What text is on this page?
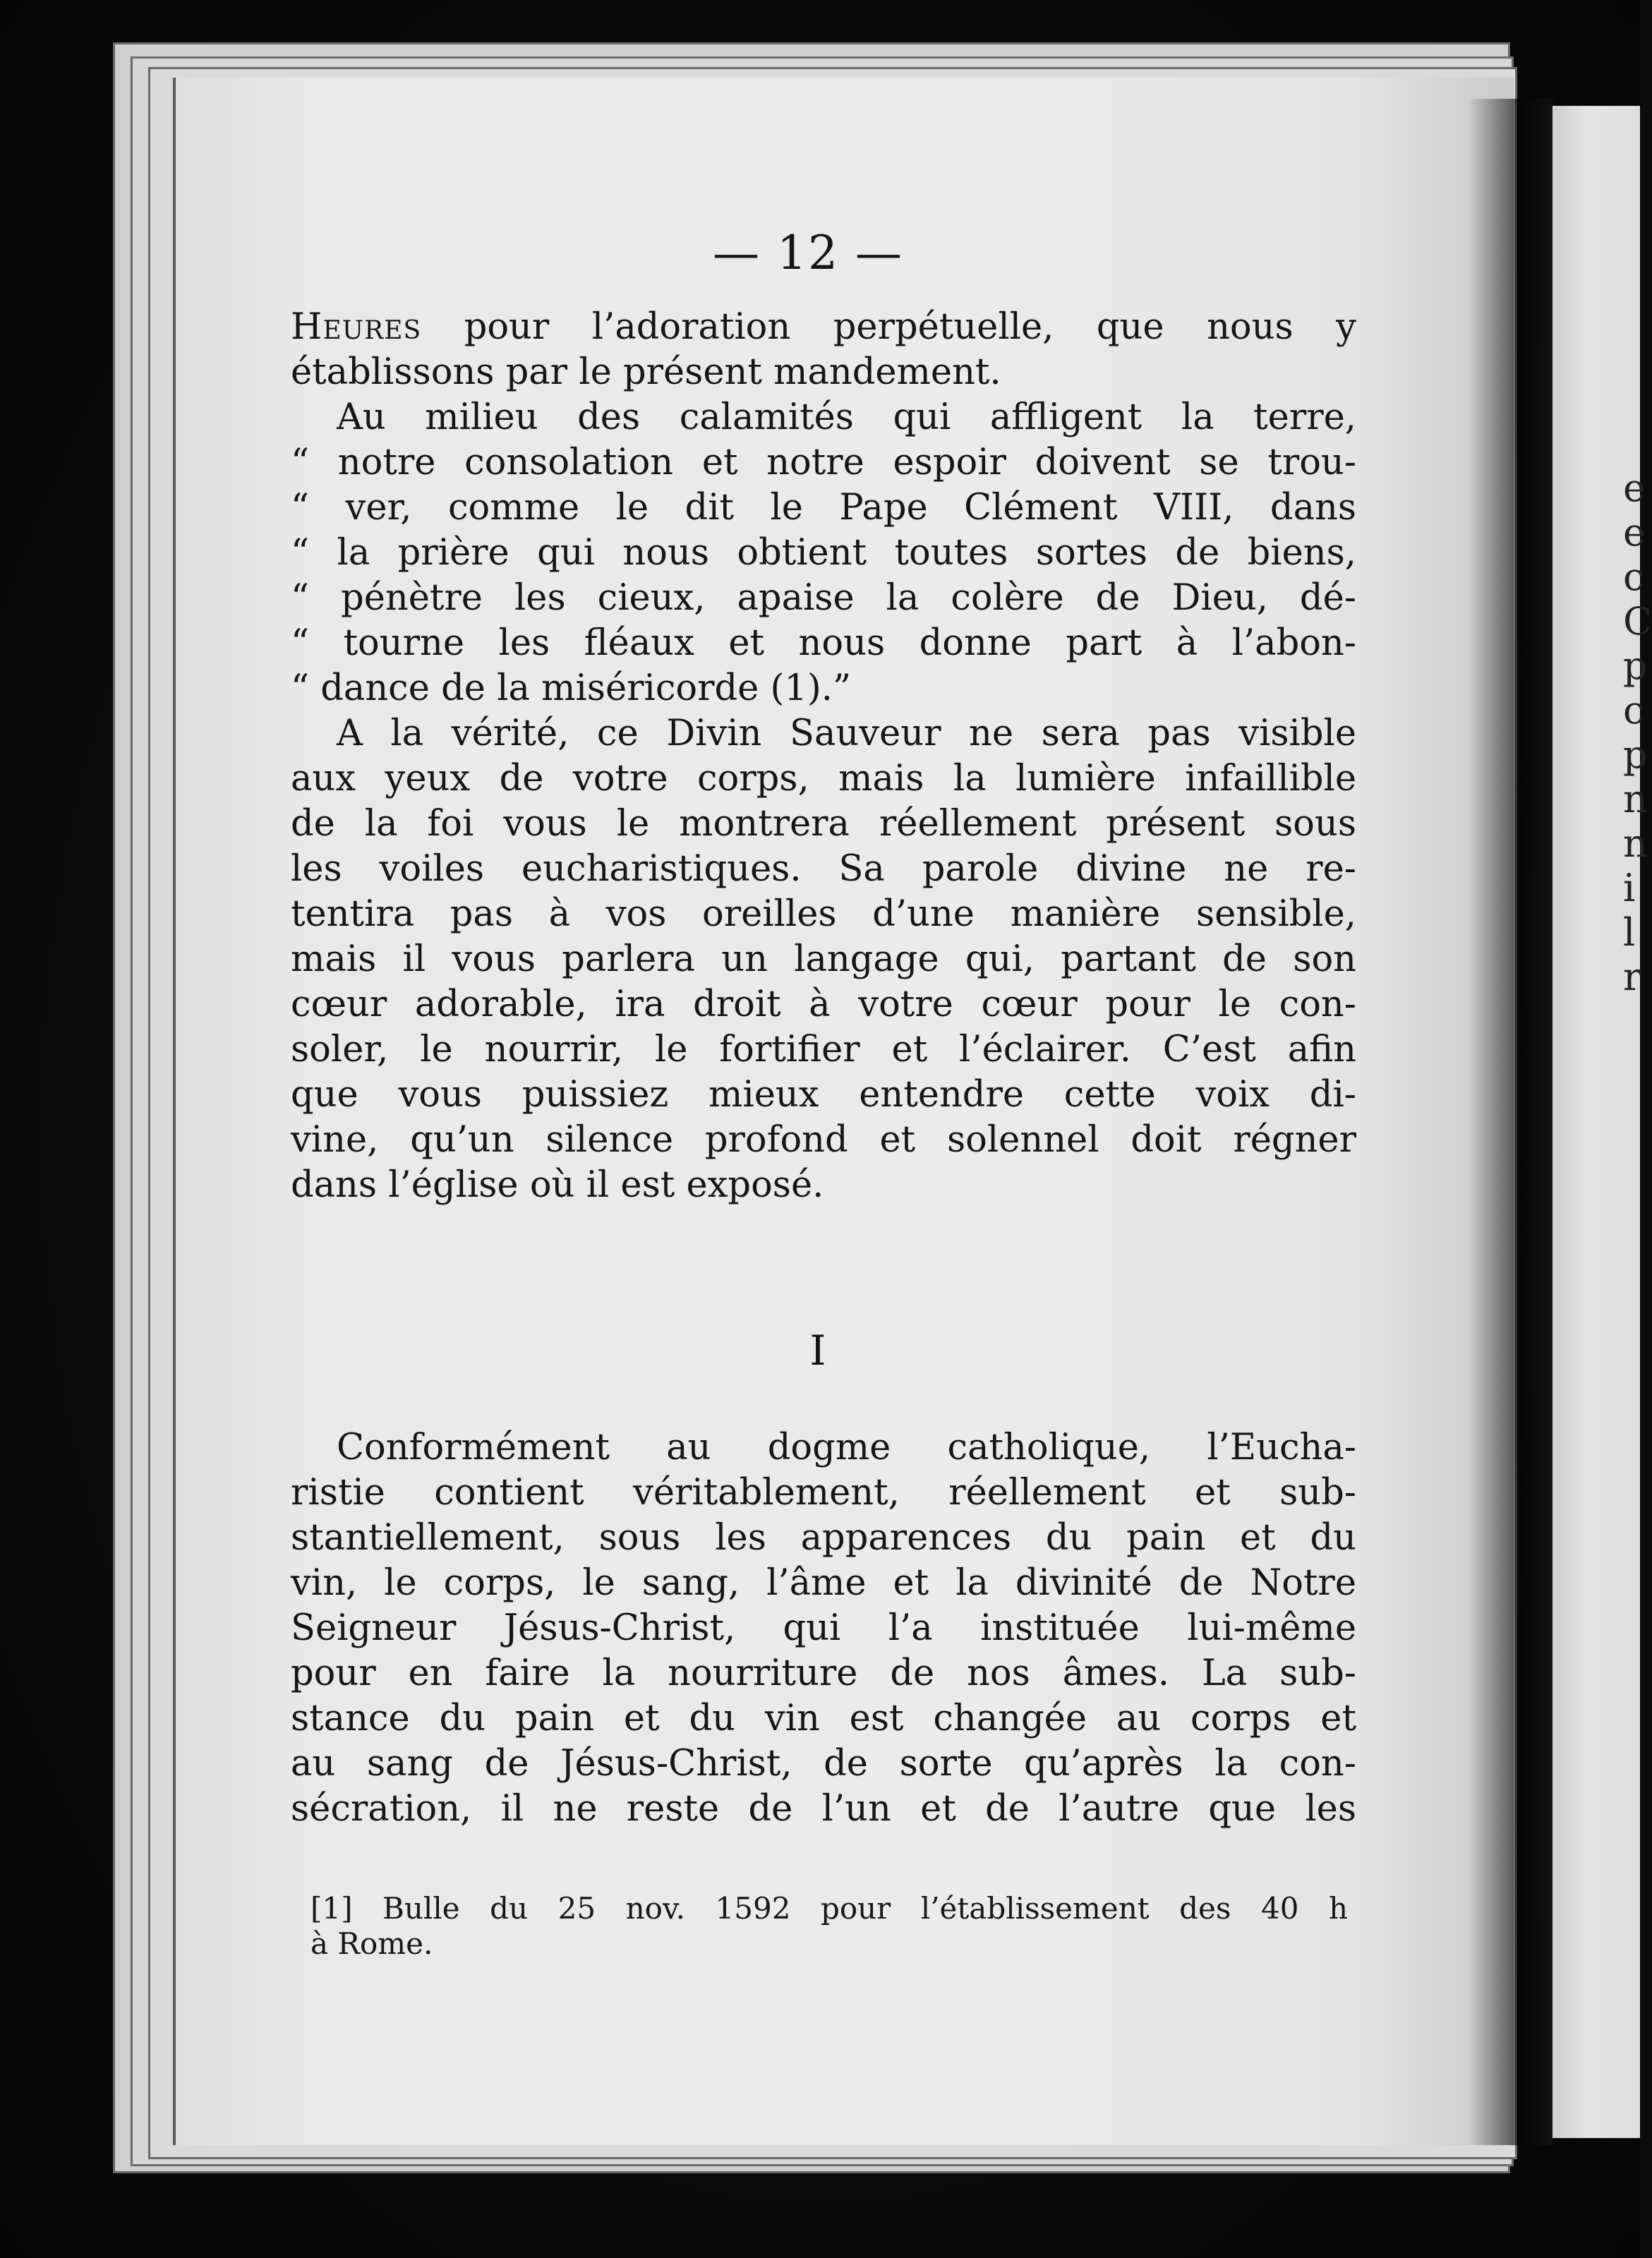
e
e
c
C
p
c
p
n
n
i
l
r
— 12 —
Heures pour l’adoration perpétuelle, que nous y
établissons par le présent mandement.
Au milieu des calamités qui affligent la terre,
“ notre consolation et notre espoir doivent se trou-
“ ver, comme le dit le Pape Clément VIII, dans
“ la prière qui nous obtient toutes sortes de biens,
“ pénètre les cieux, apaise la colère de Dieu, dé-
“ tourne les fléaux et nous donne part à l’abon-
“ dance de la miséricorde (1).”
A la vérité, ce Divin Sauveur ne sera pas visible
aux yeux de votre corps, mais la lumière infaillible
de la foi vous le montrera réellement présent sous
les voiles eucharistiques. Sa parole divine ne re-
tentira pas à vos oreilles d’une manière sensible,
mais il vous parlera un langage qui, partant de son
cœur adorable, ira droit à votre cœur pour le con-
soler, le nourrir, le fortifier et l’éclairer. C’est afin
que vous puissiez mieux entendre cette voix di-
vine, qu’un silence profond et solennel doit régner
dans l’église où il est exposé.
I
Conformément au dogme catholique, l’Eucha-
ristie contient véritablement, réellement et sub-
stantiellement, sous les apparences du pain et du
vin, le corps, le sang, l’âme et la divinité de Notre
Seigneur Jésus-Christ, qui l’a instituée lui-même
pour en faire la nourriture de nos âmes. La sub-
stance du pain et du vin est changée au corps et
au sang de Jésus-Christ, de sorte qu’après la con-
sécration, il ne reste de l’un et de l’autre que les
[1] Bulle du 25 nov. 1592 pour l’établissement des 40 h
à Rome.
